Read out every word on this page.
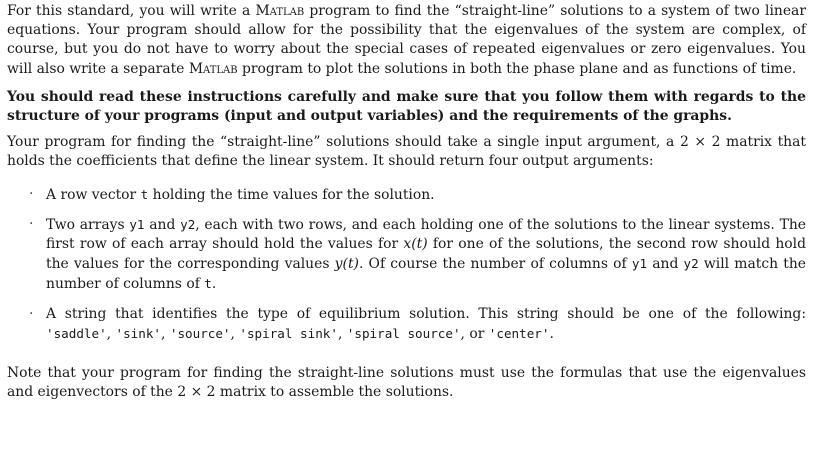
For this standard, you will write a Matlab program to find the “straight-line” solutions to a system of two linear equations. Your program should allow for the possibility that the eigenvalues of the system are complex, of course, but you do not have to worry about the special cases of repeated eigenvalues or zero eigenvalues. You will also write a separate Matlab program to plot the solutions in both the phase plane and as functions of time.

You should read these instructions carefully and make sure that you follow them with regards to the structure of your programs (input and output variables) and the requirements of the graphs.

Your program for finding the “straight-line” solutions should take a single input argument, a 2 × 2 matrix that holds the coefficients that define the linear system. It should return four output arguments:

· A row vector t holding the time values for the solution.
· Two arrays y1 and y2, each with two rows, and each holding one of the solutions to the linear systems. The first row of each array should hold the values for x(t) for one of the solutions, the second row should hold the values for the corresponding values y(t). Of course the number of columns of y1 and y2 will match the number of columns of t.
· A string that identifies the type of equilibrium solution. This string should be one of the following: 'saddle', 'sink', 'source', 'spiral sink', 'spiral source', or 'center'.

Note that your program for finding the straight-line solutions must use the formulas that use the eigenvalues and eigenvectors of the 2 × 2 matrix to assemble the solutions.
